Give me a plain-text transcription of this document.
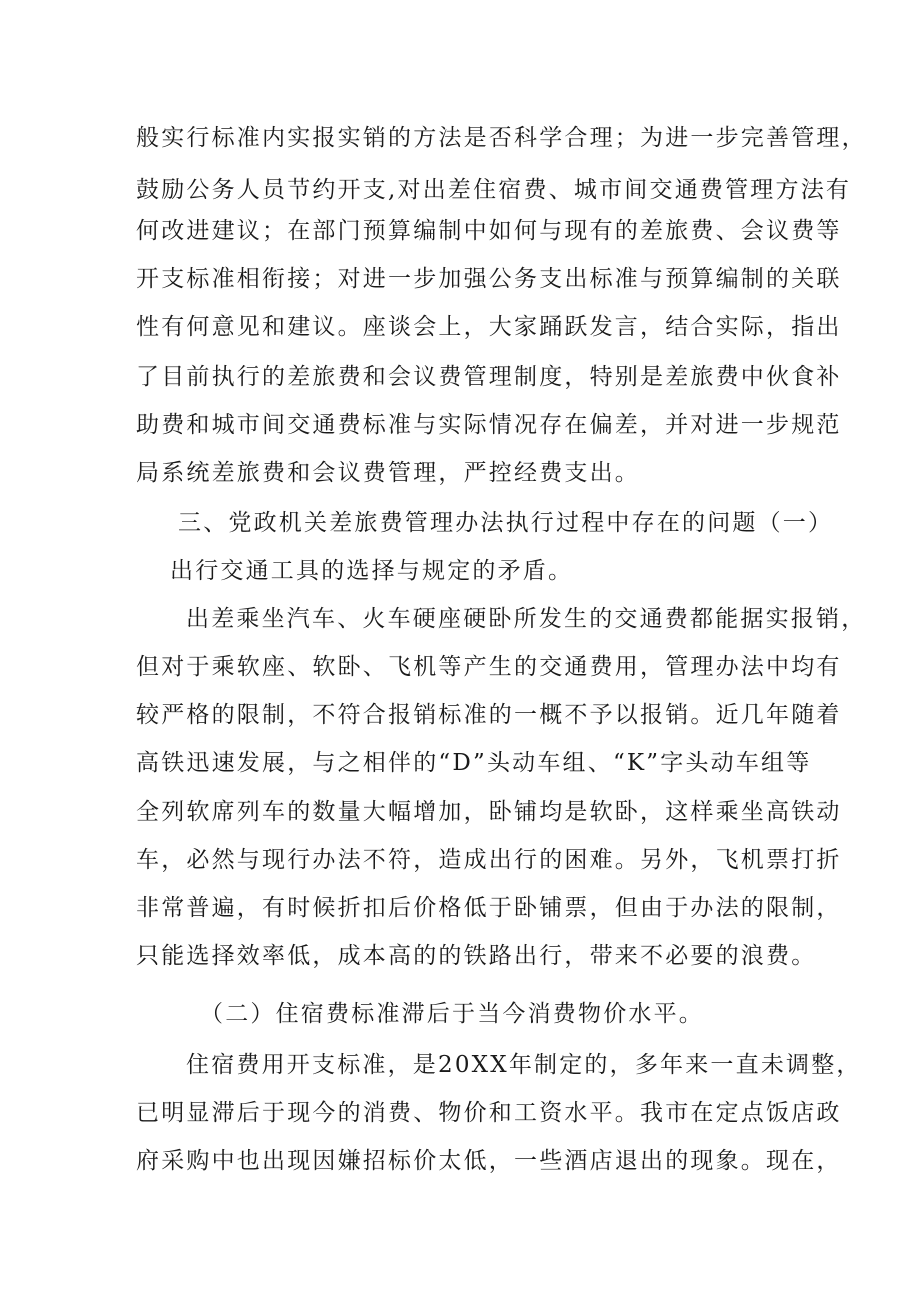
般实行标准内实报实销的方法是否科学合理；为进一步完善管理，
鼓励公务人员节约开支,对出差住宿费、城市间交通费管理方法有
何改进建议；在部门预算编制中如何与现有的差旅费、会议费等
开支标准相衔接；对进一步加强公务支出标准与预算编制的关联
性有何意见和建议。座谈会上，大家踊跃发言，结合实际，指出
了目前执行的差旅费和会议费管理制度，特别是差旅费中伙食补
助费和城市间交通费标准与实际情况存在偏差，并对进一步规范
局系统差旅费和会议费管理，严控经费支出。
三、党政机关差旅费管理办法执行过程中存在的问题（一）
出行交通工具的选择与规定的矛盾。
出差乘坐汽车、火车硬座硬卧所发生的交通费都能据实报销，
但对于乘软座、软卧、飞机等产生的交通费用，管理办法中均有
较严格的限制，不符合报销标准的一概不予以报销。近几年随着
高铁迅速发展，与之相伴的“D”头动车组、“K”字头动车组等
全列软席列车的数量大幅增加，卧铺均是软卧，这样乘坐高铁动
车，必然与现行办法不符，造成出行的困难。另外，飞机票打折
非常普遍，有时候折扣后价格低于卧铺票，但由于办法的限制，
只能选择效率低，成本高的的铁路出行，带来不必要的浪费。
（二）住宿费标准滞后于当今消费物价水平。
住宿费用开支标准，是20XX年制定的，多年来一直未调整，
已明显滞后于现今的消费、物价和工资水平。我市在定点饭店政
府采购中也出现因嫌招标价太低，一些酒店退出的现象。现在，
